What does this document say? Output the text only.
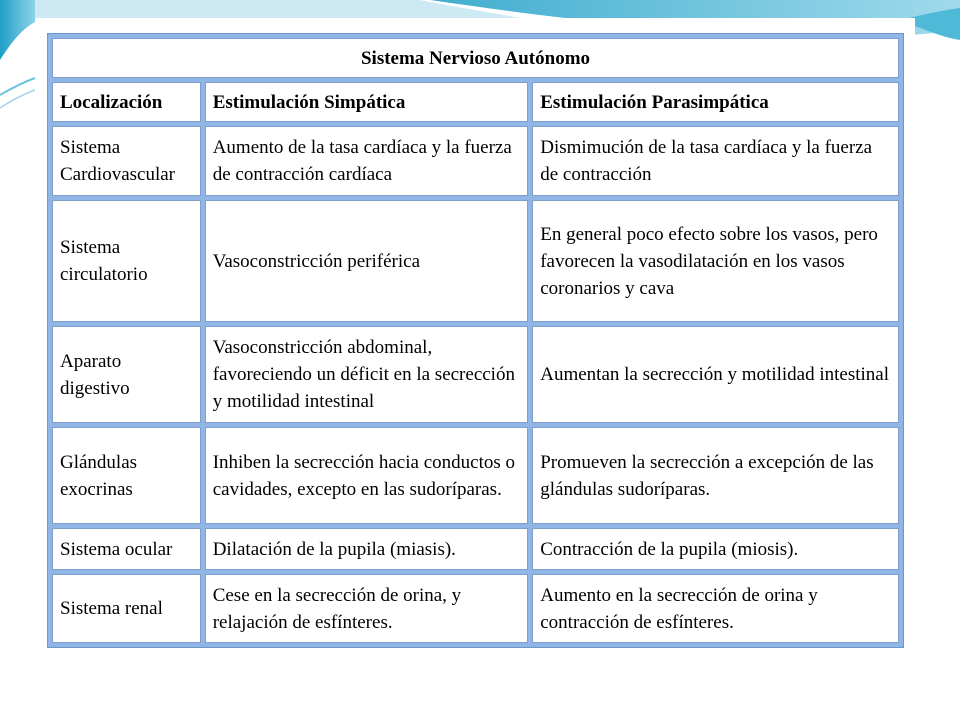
Sistema Nervioso Autónomo		
Localización	Estimulación Simpática	Estimulación Parasimpática
Sistema Cardiovascular	Aumento de la tasa cardíaca y la fuerza de contracción cardíaca	Dismimución de la tasa cardíaca y la fuerza de contracción
Sistema circulatorio	Vasoconstricción periférica	En general poco efecto sobre los vasos, pero favorecen la vasodilatación en los vasos coronarios y cava
Aparato digestivo	Vasoconstricción abdominal, favoreciendo un déficit en la secrección y motilidad intestinal	Aumentan la secrección y motilidad intestinal
Glándulas exocrinas	Inhiben la secrección hacia conductos o cavidades, excepto en las sudoríparas.	Promueven la secrección a excepción de las glándulas sudoríparas.
Sistema ocular	Dilatación de la pupila (miasis).	Contracción de la pupila (miosis).
Sistema renal	Cese en la secrección de orina, y relajación de esfínteres.	Aumento en la secrección de orina y contracción de esfínteres.
